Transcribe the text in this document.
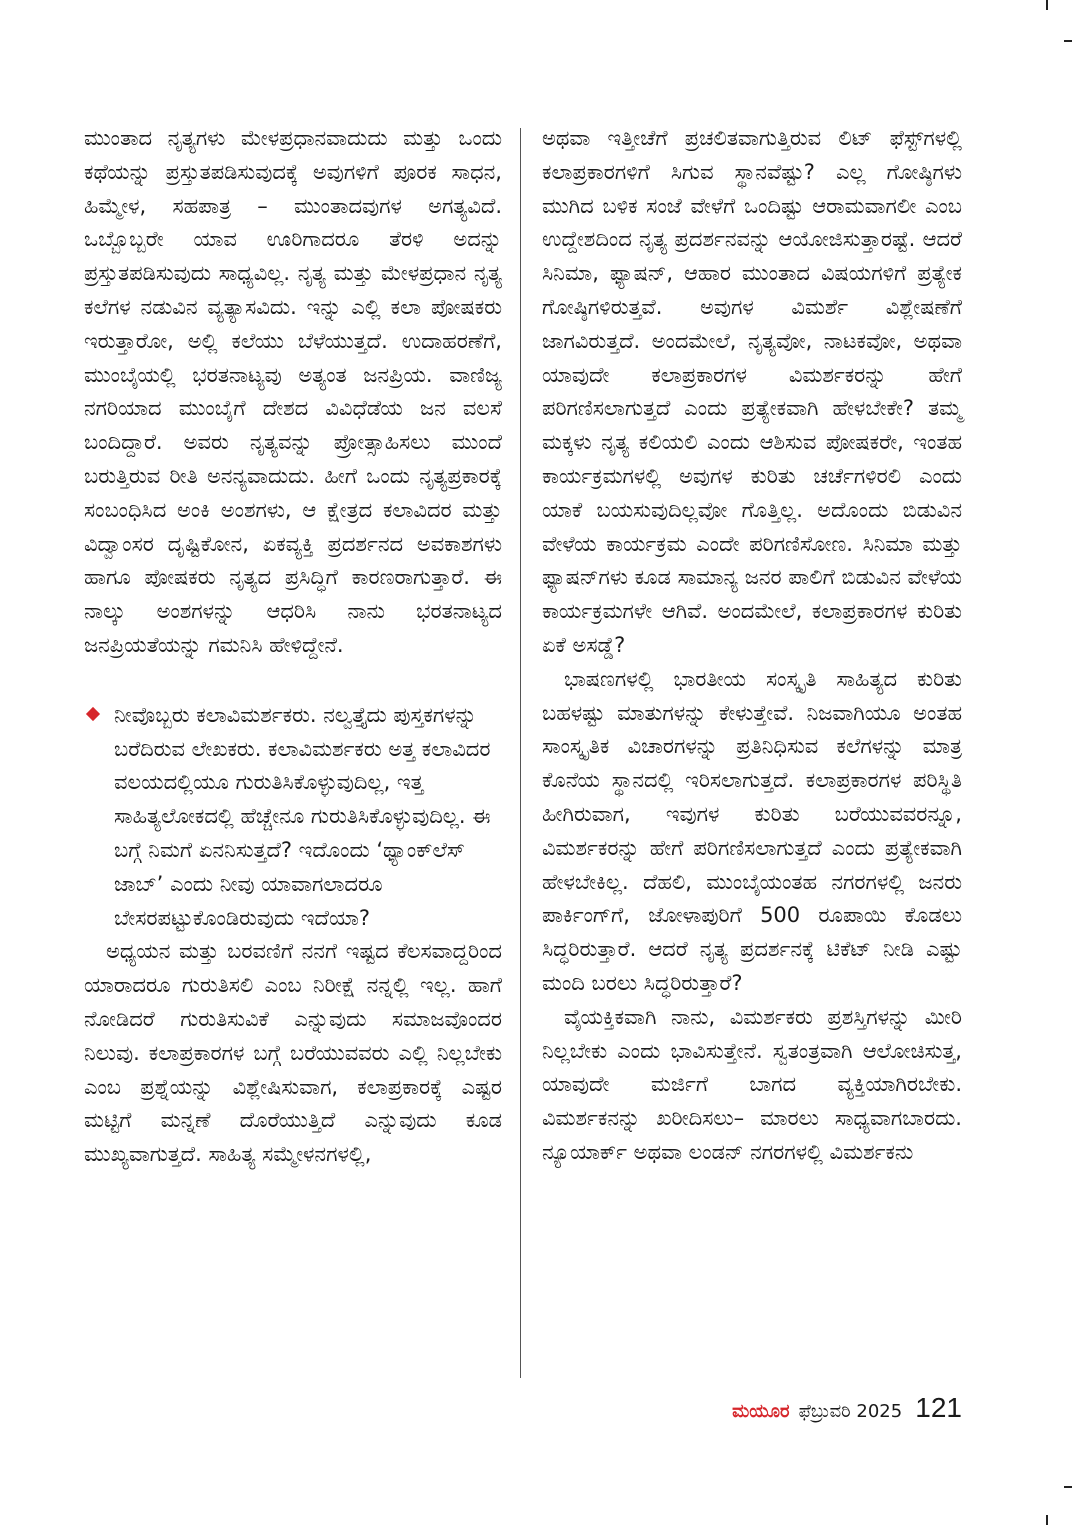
ಮುಂತಾದ ನೃತ್ಯಗಳು ಮೇಳಪ್ರಧಾನವಾದುದು ಮತ್ತು ಒಂದು ಕಥೆಯನ್ನು ಪ್ರಸ್ತುತಪಡಿಸುವುದಕ್ಕೆ ಅವುಗಳಿಗೆ ಪೂರಕ ಸಾಧನ, ಹಿಮ್ಮೇಳ, ಸಹಪಾತ್ರ – ಮುಂತಾದವುಗಳ ಅಗತ್ಯವಿದೆ. ಒಬ್ಬೊಬ್ಬರೇ ಯಾವ ಊರಿಗಾದರೂ ತೆರಳಿ ಅದನ್ನು ಪ್ರಸ್ತುತಪಡಿಸುವುದು ಸಾಧ್ಯವಿಲ್ಲ. ನೃತ್ಯ ಮತ್ತು ಮೇಳಪ್ರಧಾನ ನೃತ್ಯ ಕಲೆಗಳ ನಡುವಿನ ವ್ಯತ್ಯಾಸವಿದು. ಇನ್ನು ಎಲ್ಲಿ ಕಲಾ ಪೋಷಕರು ಇರುತ್ತಾರೋ, ಅಲ್ಲಿ ಕಲೆಯು ಬೆಳೆಯುತ್ತದೆ. ಉದಾಹರಣೆಗೆ, ಮುಂಬೈಯಲ್ಲಿ ಭರತನಾಟ್ಯವು ಅತ್ಯಂತ ಜನಪ್ರಿಯ. ವಾಣಿಜ್ಯ ನಗರಿಯಾದ ಮುಂಬೈಗೆ ದೇಶದ ವಿವಿಧೆಡೆಯ ಜನ ವಲಸೆ ಬಂದಿದ್ದಾರೆ. ಅವರು ನೃತ್ಯವನ್ನು ಪ್ರೋತ್ಸಾಹಿಸಲು ಮುಂದೆ ಬರುತ್ತಿರುವ ರೀತಿ ಅನನ್ಯವಾದುದು. ಹೀಗೆ ಒಂದು ನೃತ್ಯಪ್ರಕಾರಕ್ಕೆ ಸಂಬಂಧಿಸಿದ ಅಂಕಿ ಅಂಶಗಳು, ಆ ಕ್ಷೇತ್ರದ ಕಲಾವಿದರ ಮತ್ತು ವಿದ್ವಾಂಸರ ದೃಷ್ಟಿಕೋನ, ಏಕವ್ಯಕ್ತಿ ಪ್ರದರ್ಶನದ ಅವಕಾಶಗಳು ಹಾಗೂ ಪೋಷಕರು ನೃತ್ಯದ ಪ್ರಸಿದ್ಧಿಗೆ ಕಾರಣರಾಗುತ್ತಾರೆ. ಈ ನಾಲ್ಕು ಅಂಶಗಳನ್ನು ಆಧರಿಸಿ ನಾನು ಭರತನಾಟ್ಯದ ಜನಪ್ರಿಯತೆಯನ್ನು ಗಮನಿಸಿ ಹೇಳಿದ್ದೇನೆ.

ನೀವೊಬ್ಬರು ಕಲಾವಿಮರ್ಶಕರು. ನಲ್ವತ್ತೈದು ಪುಸ್ತಕಗಳನ್ನು ಬರೆದಿರುವ ಲೇಖಕರು. ಕಲಾವಿಮರ್ಶಕರು ಅತ್ತ ಕಲಾವಿದರ ವಲಯದಲ್ಲಿಯೂ ಗುರುತಿಸಿಕೊಳ್ಳುವುದಿಲ್ಲ, ಇತ್ತ ಸಾಹಿತ್ಯಲೋಕದಲ್ಲಿ ಹೆಚ್ಚೇನೂ ಗುರುತಿಸಿಕೊಳ್ಳುವುದಿಲ್ಲ. ಈ ಬಗ್ಗೆ ನಿಮಗೆ ಏನನಿಸುತ್ತದೆ? ಇದೊಂದು ‘ಥ್ಯಾಂಕ್‌ಲೆಸ್ ಜಾಬ್’ ಎಂದು ನೀವು ಯಾವಾಗಲಾದರೂ ಬೇಸರಪಟ್ಟುಕೊಂಡಿರುವುದು ಇದೆಯಾ?

ಅಧ್ಯಯನ ಮತ್ತು ಬರವಣಿಗೆ ನನಗೆ ಇಷ್ಟದ ಕೆಲಸವಾದ್ದರಿಂದ ಯಾರಾದರೂ ಗುರುತಿಸಲಿ ಎಂಬ ನಿರೀಕ್ಷೆ ನನ್ನಲ್ಲಿ ಇಲ್ಲ. ಹಾಗೆ ನೋಡಿದರೆ ಗುರುತಿಸುವಿಕೆ ಎನ್ನುವುದು ಸಮಾಜವೊಂದರ ನಿಲುವು. ಕಲಾಪ್ರಕಾರಗಳ ಬಗ್ಗೆ ಬರೆಯುವವರು ಎಲ್ಲಿ ನಿಲ್ಲಬೇಕು ಎಂಬ ಪ್ರಶ್ನೆಯನ್ನು ವಿಶ್ಲೇಷಿಸುವಾಗ, ಕಲಾಪ್ರಕಾರಕ್ಕೆ ಎಷ್ಟರ ಮಟ್ಟಿಗೆ ಮನ್ನಣೆ ದೊರೆಯುತ್ತಿದೆ ಎನ್ನುವುದು ಕೂಡ ಮುಖ್ಯವಾಗುತ್ತದೆ. ಸಾಹಿತ್ಯ ಸಮ್ಮೇಳನಗಳಲ್ಲಿ,

ಅಥವಾ ಇತ್ತೀಚೆಗೆ ಪ್ರಚಲಿತವಾಗುತ್ತಿರುವ ಲಿಟ್ ಫೆಸ್ಟ್‌ಗಳಲ್ಲಿ ಕಲಾಪ್ರಕಾರಗಳಿಗೆ ಸಿಗುವ ಸ್ಥಾನವೆಷ್ಟು? ಎಲ್ಲ ಗೋಷ್ಠಿಗಳು ಮುಗಿದ ಬಳಿಕ ಸಂಜೆ ವೇಳೆಗೆ ಒಂದಿಷ್ಟು ಆರಾಮವಾಗಲೀ ಎಂಬ ಉದ್ದೇಶದಿಂದ ನೃತ್ಯ ಪ್ರದರ್ಶನವನ್ನು ಆಯೋಜಿಸುತ್ತಾರಷ್ಟೆ. ಆದರೆ ಸಿನಿಮಾ, ಫ್ಯಾಷನ್, ಆಹಾರ ಮುಂತಾದ ವಿಷಯಗಳಿಗೆ ಪ್ರತ್ಯೇಕ ಗೋಷ್ಠಿಗಳಿರುತ್ತವೆ. ಅವುಗಳ ವಿಮರ್ಶೆ ವಿಶ್ಲೇಷಣೆಗೆ ಜಾಗವಿರುತ್ತದೆ. ಅಂದಮೇಲೆ, ನೃತ್ಯವೋ, ನಾಟಕವೋ, ಅಥವಾ ಯಾವುದೇ ಕಲಾಪ್ರಕಾರಗಳ ವಿಮರ್ಶಕರನ್ನು ಹೇಗೆ ಪರಿಗಣಿಸಲಾಗುತ್ತದೆ ಎಂದು ಪ್ರತ್ಯೇಕವಾಗಿ ಹೇಳಬೇಕೇ? ತಮ್ಮ ಮಕ್ಕಳು ನೃತ್ಯ ಕಲಿಯಲಿ ಎಂದು ಆಶಿಸುವ ಪೋಷಕರೇ, ಇಂತಹ ಕಾರ್ಯಕ್ರಮಗಳಲ್ಲಿ ಅವುಗಳ ಕುರಿತು ಚರ್ಚೆಗಳಿರಲಿ ಎಂದು ಯಾಕೆ ಬಯಸುವುದಿಲ್ಲವೋ ಗೊತ್ತಿಲ್ಲ. ಅದೊಂದು ಬಿಡುವಿನ ವೇಳೆಯ ಕಾರ್ಯಕ್ರಮ ಎಂದೇ ಪರಿಗಣಿಸೋಣ. ಸಿನಿಮಾ ಮತ್ತು ಫ್ಯಾಷನ್‌ಗಳು ಕೂಡ ಸಾಮಾನ್ಯ ಜನರ ಪಾಲಿಗೆ ಬಿಡುವಿನ ವೇಳೆಯ ಕಾರ್ಯಕ್ರಮಗಳೇ ಆಗಿವೆ. ಅಂದಮೇಲೆ, ಕಲಾಪ್ರಕಾರಗಳ ಕುರಿತು ಏಕೆ ಅಸಡ್ಡೆ?

ಭಾಷಣಗಳಲ್ಲಿ ಭಾರತೀಯ ಸಂಸ್ಕೃತಿ ಸಾಹಿತ್ಯದ ಕುರಿತು ಬಹಳಷ್ಟು ಮಾತುಗಳನ್ನು ಕೇಳುತ್ತೇವೆ. ನಿಜವಾಗಿಯೂ ಅಂತಹ ಸಾಂಸ್ಕೃತಿಕ ವಿಚಾರಗಳನ್ನು ಪ್ರತಿನಿಧಿಸುವ ಕಲೆಗಳನ್ನು ಮಾತ್ರ ಕೊನೆಯ ಸ್ಥಾನದಲ್ಲಿ ಇರಿಸಲಾಗುತ್ತದೆ. ಕಲಾಪ್ರಕಾರಗಳ ಪರಿಸ್ಥಿತಿ ಹೀಗಿರುವಾಗ, ಇವುಗಳ ಕುರಿತು ಬರೆಯುವವರನ್ನೂ, ವಿಮರ್ಶಕರನ್ನು ಹೇಗೆ ಪರಿಗಣಿಸಲಾಗುತ್ತದೆ ಎಂದು ಪ್ರತ್ಯೇಕವಾಗಿ ಹೇಳಬೇಕಿಲ್ಲ. ದೆಹಲಿ, ಮುಂಬೈಯಂತಹ ನಗರಗಳಲ್ಲಿ ಜನರು ಪಾರ್ಕಿಂಗ್‌ಗೆ, ಜೋಳಾಪುರಿಗೆ 500 ರೂಪಾಯಿ ಕೊಡಲು ಸಿದ್ಧರಿರುತ್ತಾರೆ. ಆದರೆ ನೃತ್ಯ ಪ್ರದರ್ಶನಕ್ಕೆ ಟಿಕೆಟ್ ನೀಡಿ ಎಷ್ಟು ಮಂದಿ ಬರಲು ಸಿದ್ಧರಿರುತ್ತಾರೆ?

ವೈಯಕ್ತಿಕವಾಗಿ ನಾನು, ವಿಮರ್ಶಕರು ಪ್ರಶಸ್ತಿಗಳನ್ನು ಮೀರಿ ನಿಲ್ಲಬೇಕು ಎಂದು ಭಾವಿಸುತ್ತೇನೆ. ಸ್ವತಂತ್ರವಾಗಿ ಆಲೋಚಿಸುತ್ತ, ಯಾವುದೇ ಮರ್ಜಿಗೆ ಬಾಗದ ವ್ಯಕ್ತಿಯಾಗಿರಬೇಕು. ವಿಮರ್ಶಕನನ್ನು ಖರೀದಿಸಲು– ಮಾರಲು ಸಾಧ್ಯವಾಗಬಾರದು. ನ್ಯೂಯಾರ್ಕ್ ಅಥವಾ ಲಂಡನ್ ನಗರಗಳಲ್ಲಿ ವಿಮರ್ಶಕನು

ಮಯೂರ ಫೆಬ್ರುವರಿ 2025 121
